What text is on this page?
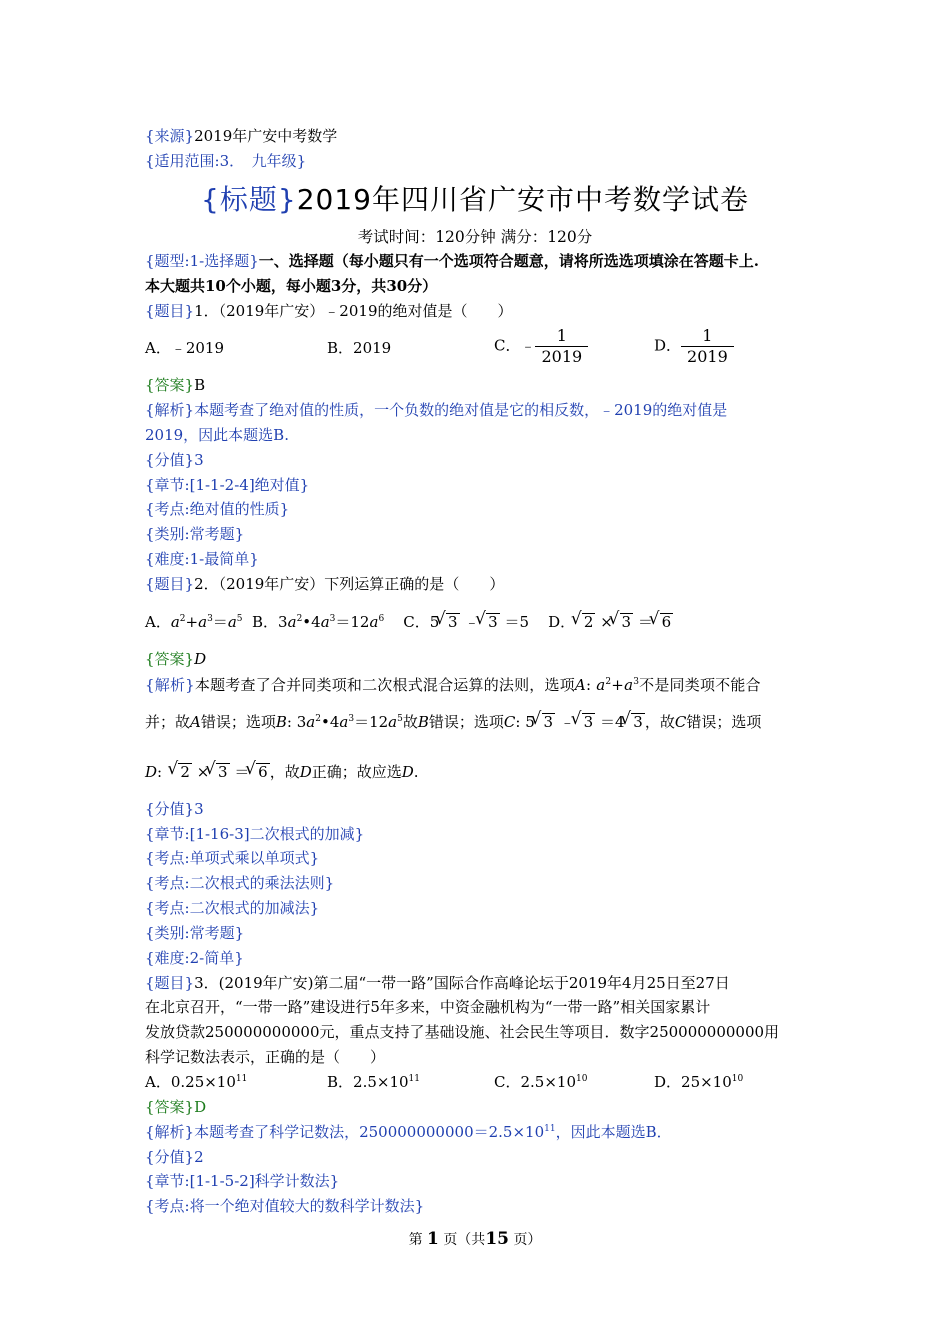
{来源}2019年广安中考数学
{适用范围:3．　 九年级}
{标题}2019年四川省广安市中考数学试卷
考试时间：120分钟 满分：120分
{题型:1-选择题}一、选择题（每小题只有一个选项符合题意，请将所选选项填涂在答题卡上.
本大题共10个小题，每小题3分，共30分）
{题目}1．（2019年广安）﹣2019的绝对值是（　　）
A．﹣2019	B．2019	C．﹣ $\frac{1}{2019}$	D． $\frac{1}{2019}$
{答案}B
{解析}本题考查了绝对值的性质，一个负数的绝对值是它的相反数，﹣2019的绝对值是
2019，因此本题选B.
{分值}3
{章节:[1-1-2-4]绝对值}
{考点:绝对值的性质}
{类别:常考题}
{难度:1-最简单}
{题目}2．（2019年广安）下列运算正确的是（　　）
A．$a^2+a^3=a^5$  B．$3a^2•4a^3=12a^6$    C．5 √ 3 ﹣ √ 3 ＝5    D． √ 2 × √ 3 ＝ √ 6
{答案}D
{解析}本题考查了合并同类项和二次根式混合运算的法则，选项A: $a^2+a^3$不是同类项不能合
并；故A错误；选项B: $3a^2•4a^3=12a^5$故B错误；选项C: 5 √ 3 ﹣ √ 3 ＝4 √ 3 ，故C错误；选项
D:   √ 2 × √ 3 ＝ √ 6 ，故D正确；故应选D.
{分值}3
{章节:[1-16-3]二次根式的加减}
{考点:单项式乘以单项式}
{考点:二次根式的乘法法则}
{考点:二次根式的加减法}
{类别:常考题}
{难度:2-简单}
{题目}3．(2019年广安)第二届“一带一路”国际合作高峰论坛于2019年4月25日至27日
在北京召开，“一带一路”建设进行5年多来，中资金融机构为“一带一路”相关国家累计
发放贷款250000000000元，重点支持了基础设施、社会民生等项目．数字250000000000用
科学记数法表示，正确的是（　　）
A．$0.25\times 10^{11}$	B．$2.5\times 10^{11}$	C．$2.5\times 10^{10}$	D．$25\times 10^{10}$
{答案}D
{解析}本题考查了科学记数法，$250000000000=2.5\times 10^{11}$，因此本题选B．
{分值}2
{章节:[1-1-5-2]科学计数法}
{考点:将一个绝对值较大的数科学计数法}
第 1 页（共15 页）
